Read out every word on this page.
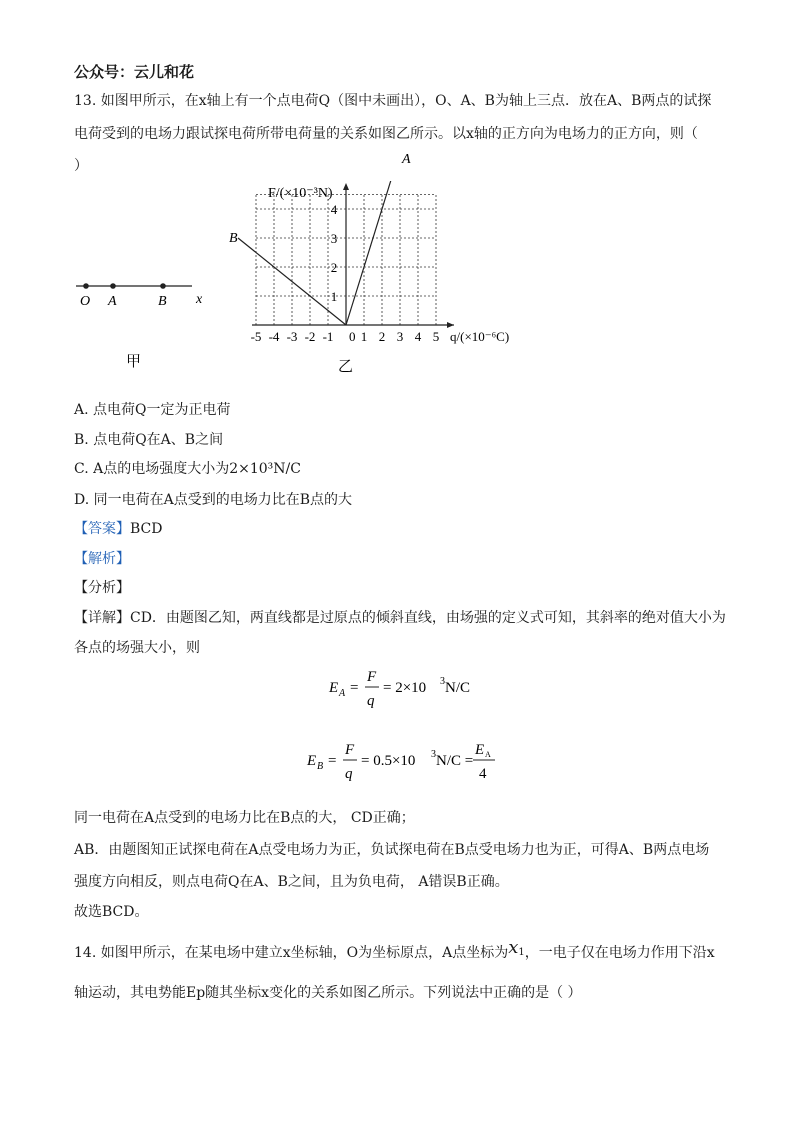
公众号：云儿和花
13. 如图甲所示，在x轴上有一个点电荷Q（图中未画出），O、A、B为轴上三点．放在A、B两点的试探
电荷受到的电场力跟试探电荷所带电荷量的关系如图乙所示。以x轴的正方向为电场力的正方向，则（
）
O A	B x
甲
-5 -4 -3 -2 -1 0 1 2 3 4 5
1
2
3
4
A
B
F/(×10⁻³N)
q/(×10⁻⁶C)
乙
A. 点电荷Q一定为正电荷
B. 点电荷Q在A、B之间
C. A点的电场强度大小为2×10³N/C
D. 同一电荷在A点受到的电场力比在B点的大
【答案】BCD
【解析】
【分析】
【详解】CD．由题图乙知，两直线都是过原点的倾斜直线，由场强的定义式可知，其斜率的绝对值大小为
各点的场强大小，则
E A =
F
q
= 2×10 3 N/C
E B =
F
q
= 0.5×10 3 N/C =
E A
4
同一电荷在A点受到的电场力比在B点的大， CD正确；
AB．由题图知正试探电荷在A点受电场力为正，负试探电荷在B点受电场力也为正，可得A、B两点电场
强度方向相反，则点电荷Q在A、B之间，且为负电荷， A错误B正确。
故选BCD。
14. 如图甲所示，在某电场中建立x坐标轴，O为坐标原点，A点坐标为x1，一电子仅在电场力作用下沿x
轴运动，其电势能Ep随其坐标x变化的关系如图乙所示。下列说法中正确的是（ ）
